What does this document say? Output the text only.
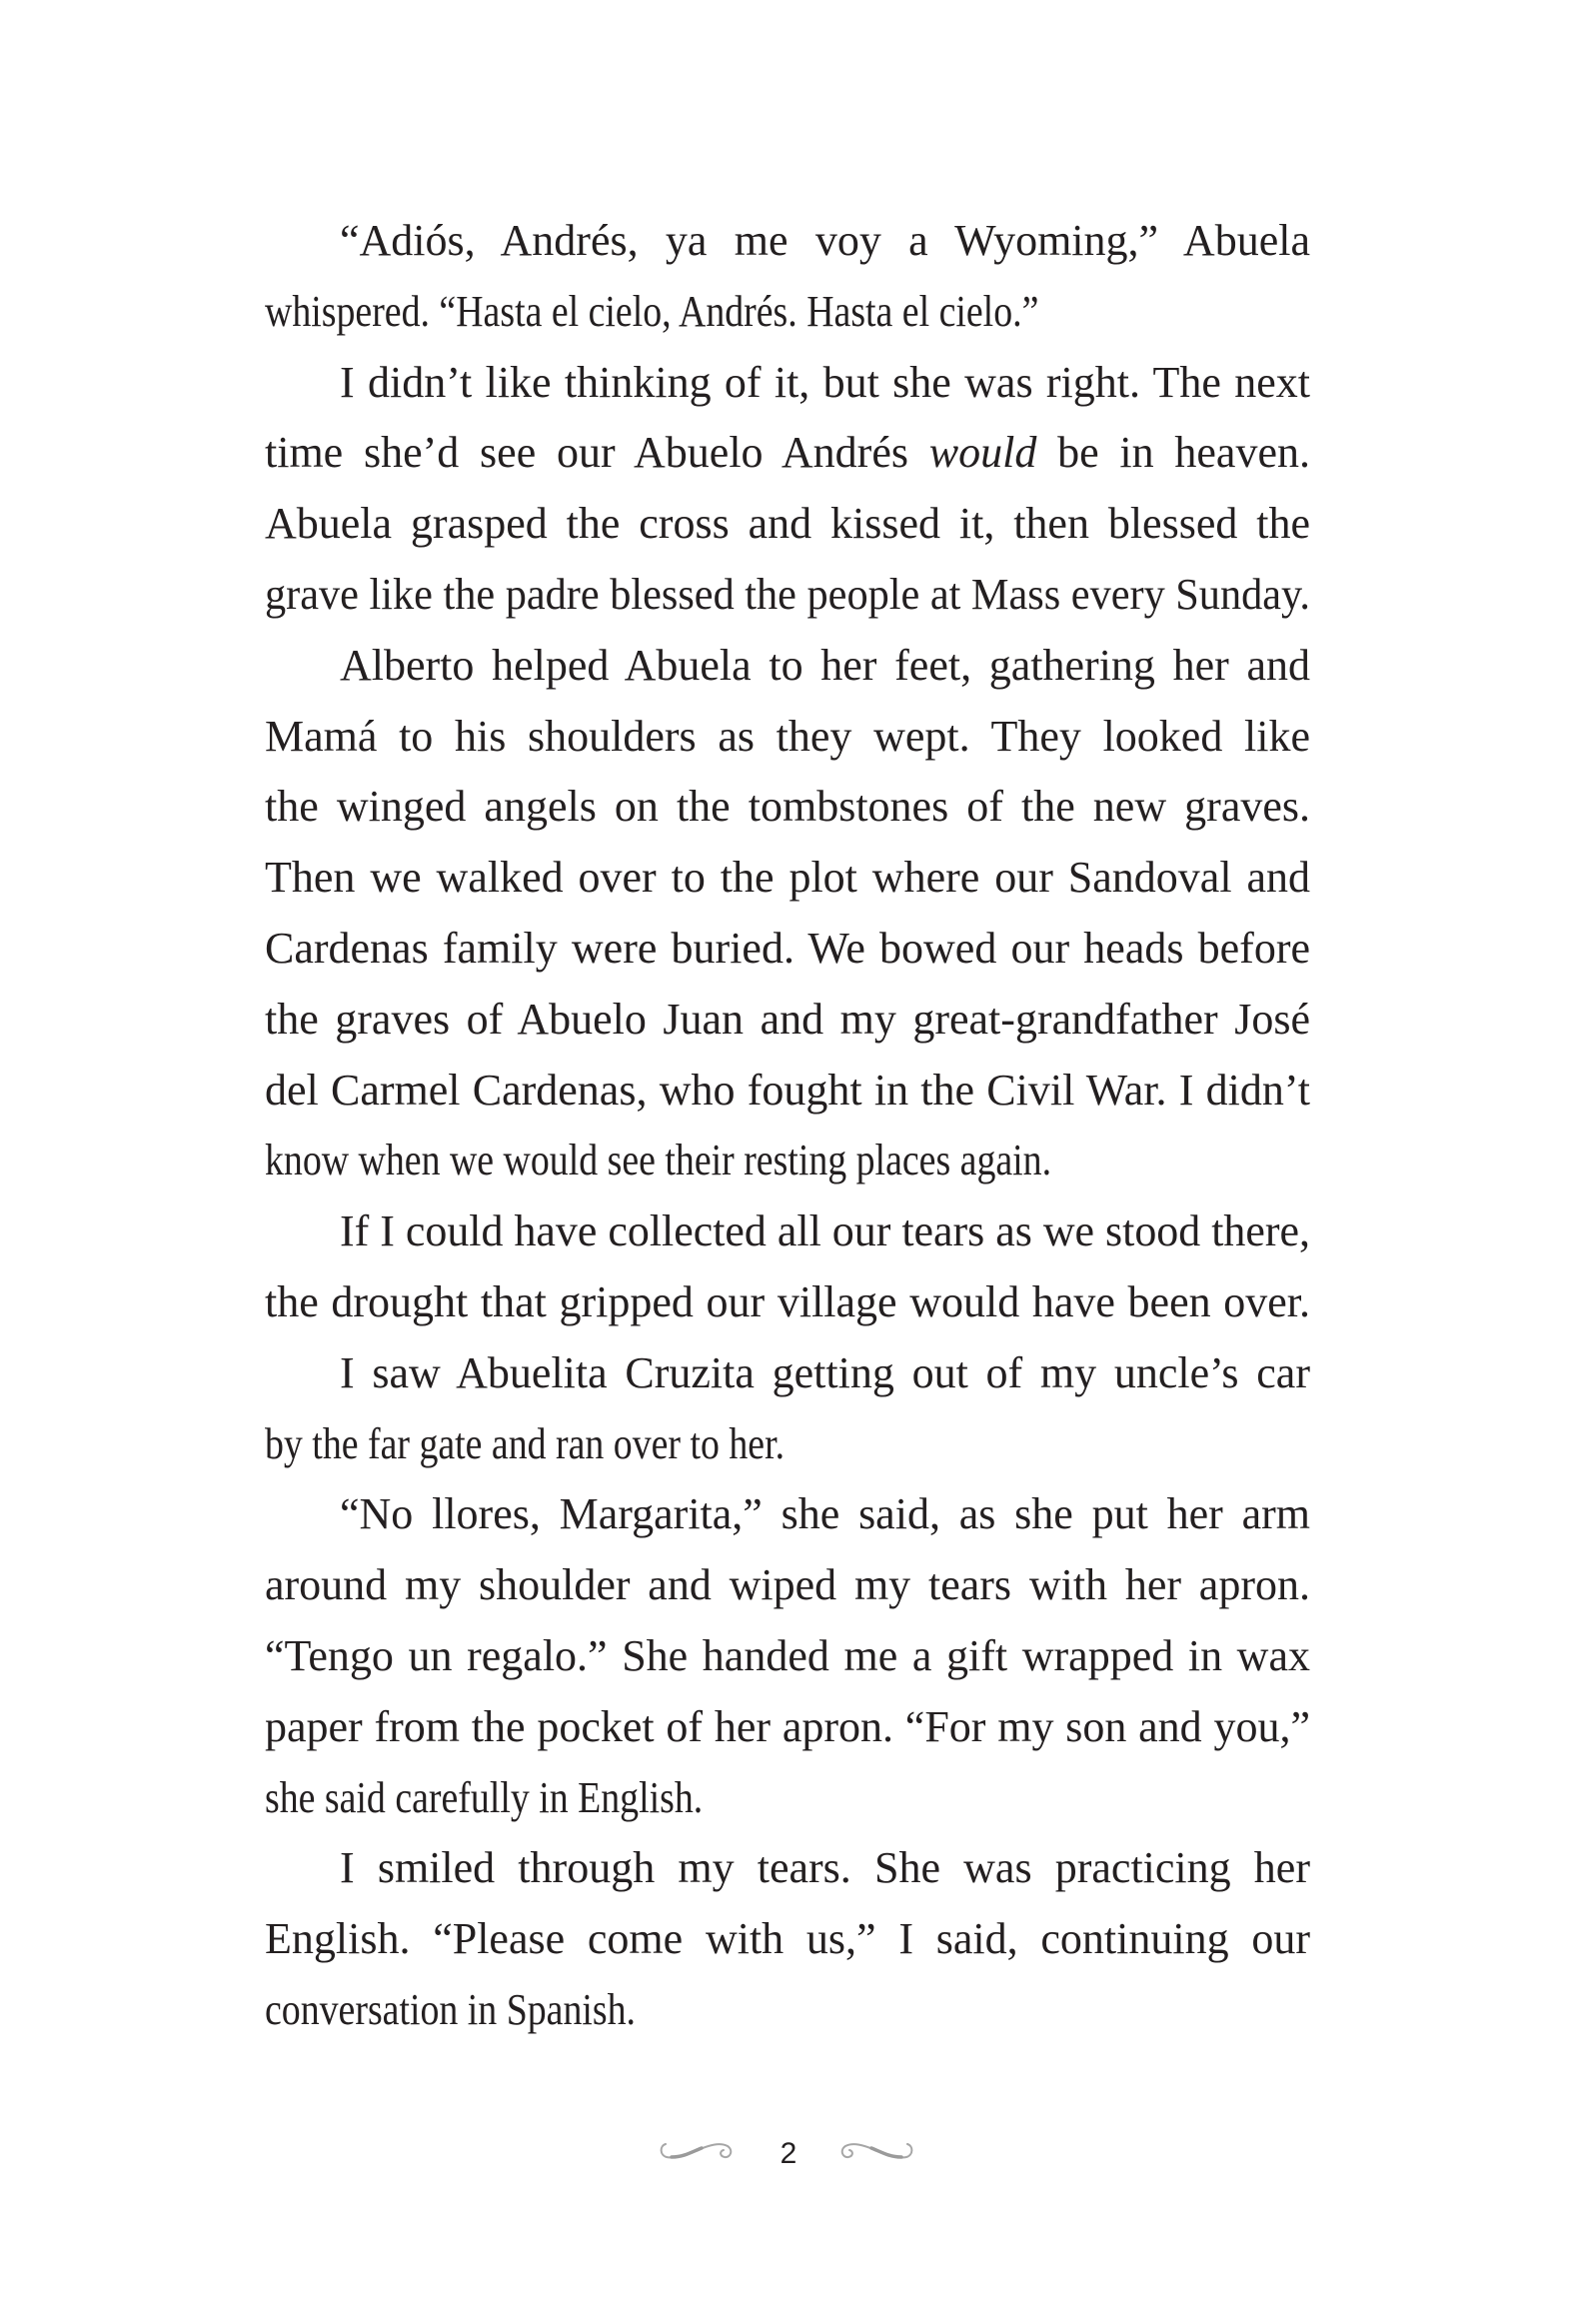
“Adiós, Andrés, ya me voy a Wyoming,” Abuela
whispered. “Hasta el cielo, Andrés. Hasta el cielo.”
I didn’t like thinking of it, but she was right. The next
time she’d see our Abuelo Andrés would be in heaven.
Abuela grasped the cross and kissed it, then blessed the
grave like the padre blessed the people at Mass every Sunday.
Alberto helped Abuela to her feet, gathering her and
Mamá to his shoulders as they wept. They looked like
the winged angels on the tombstones of the new graves.
Then we walked over to the plot where our Sandoval and
Cardenas family were buried. We bowed our heads before
the graves of Abuelo Juan and my great-grandfather José
del Carmel Cardenas, who fought in the Civil War. I didn’t
know when we would see their resting places again.
If I could have collected all our tears as we stood there,
the drought that gripped our village would have been over.
I saw Abuelita Cruzita getting out of my uncle’s car
by the far gate and ran over to her.
“No llores, Margarita,” she said, as she put her arm
around my shoulder and wiped my tears with her apron.
“Tengo un regalo.” She handed me a gift wrapped in wax
paper from the pocket of her apron. “For my son and you,”
she said carefully in English.
I smiled through my tears. She was practicing her
English. “Please come with us,” I said, continuing our
conversation in Spanish.
2
